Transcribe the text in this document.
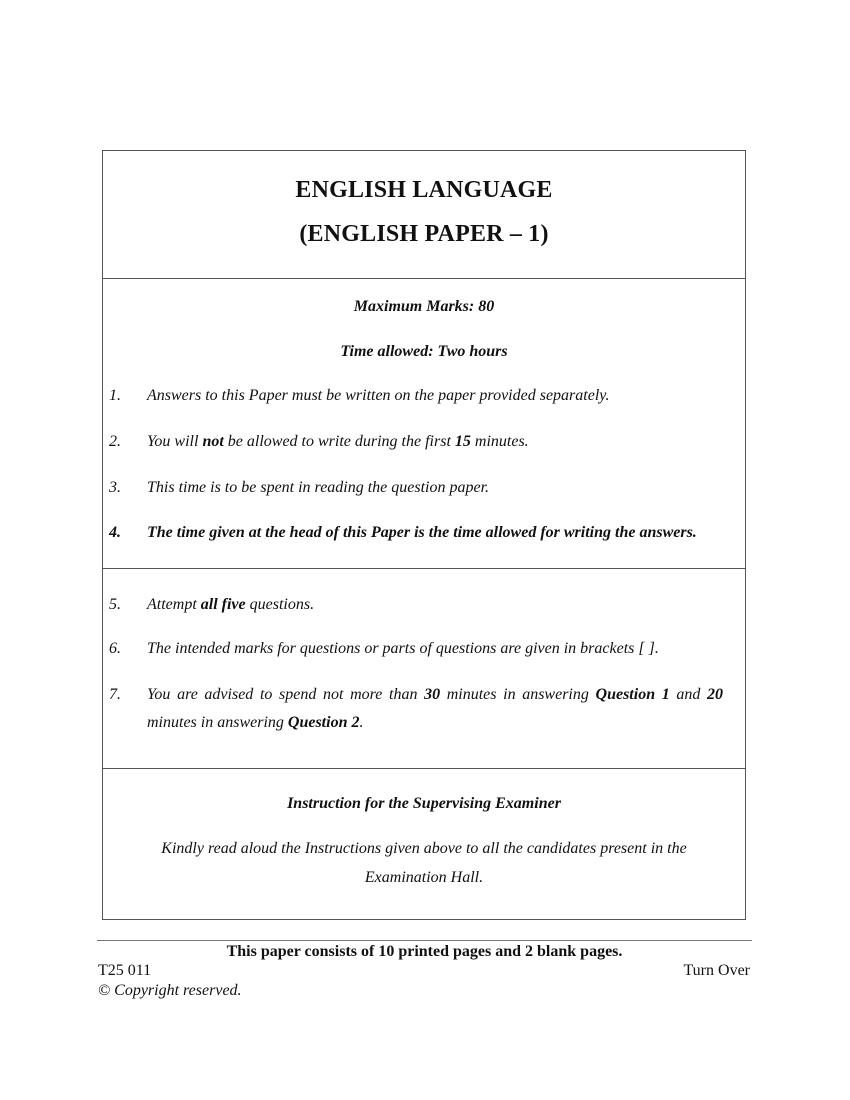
ENGLISH LANGUAGE
(ENGLISH PAPER – 1)
Maximum Marks: 80
Time allowed: Two hours
1.	Answers to this Paper must be written on the paper provided separately.
2.	You will not be allowed to write during the first 15 minutes.
3.	This time is to be spent in reading the question paper.
4.	The time given at the head of this Paper is the time allowed for writing the answers.
5.	Attempt all five questions.
6.	The intended marks for questions or parts of questions are given in brackets [ ].
7.	You are advised to spend not more than 30 minutes in answering Question 1 and 20 minutes in answering Question 2.
Instruction for the Supervising Examiner
Kindly read aloud the Instructions given above to all the candidates present in the
Examination Hall.
This paper consists of 10 printed pages and 2 blank pages.
T25 011	Turn Over
© Copyright reserved.
